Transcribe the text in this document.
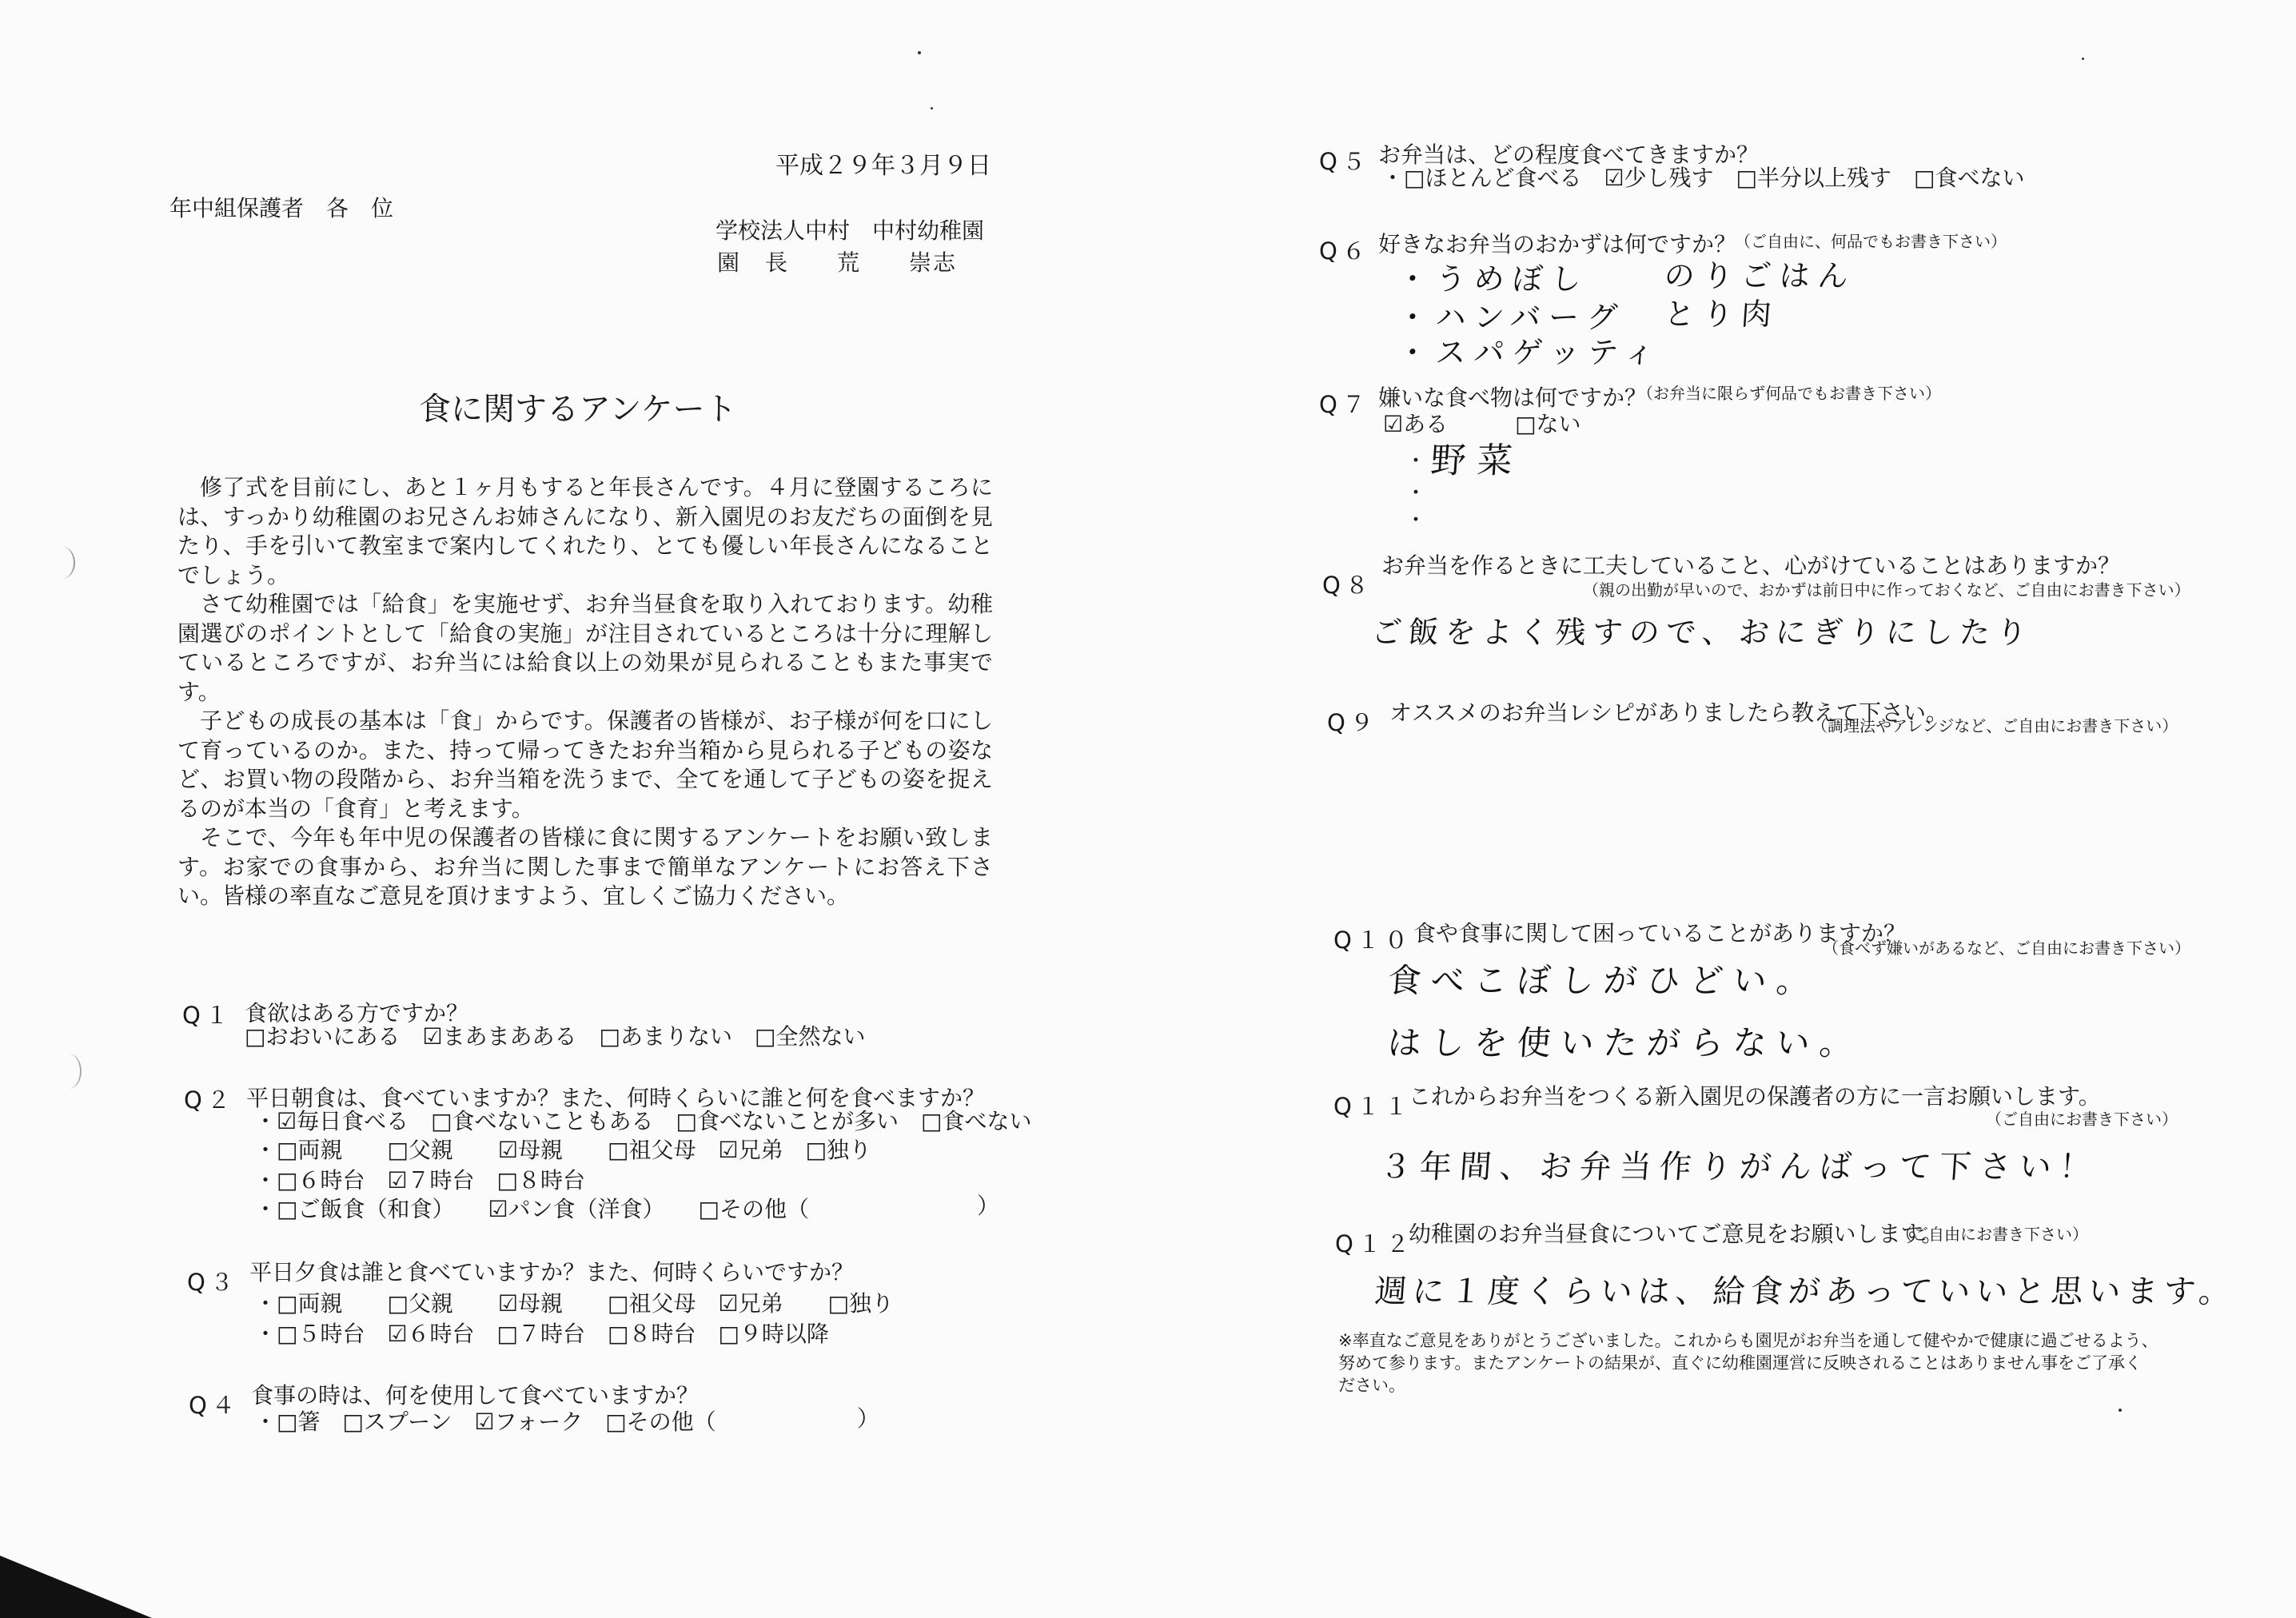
平成２９年３月９日
年中組保護者　各　位
学校法人中村　中村幼稚園
園　長　　荒　　崇志
食に関するアンケート

修了式を目前にし、あと１ヶ月もすると年長さんです。４月に登園するころには、すっかり幼稚園のお兄さんお姉さんになり、新入園児のお友だちの面倒を見たり、手を引いて教室まで案内してくれたり、とても優しい年長さんになることでしょう。

さて幼稚園では「給食」を実施せず、お弁当昼食を取り入れております。幼稚園選びのポイントとして「給食の実施」が注目されているところは十分に理解しているところですが、お弁当には給食以上の効果が見られることもまた事実です。

子どもの成長の基本は「食」からです。保護者の皆様が、お子様が何を口にして育っているのか。また、持って帰ってきたお弁当箱から見られる子どもの姿など、お買い物の段階から、お弁当箱を洗うまで、全てを通して子どもの姿を捉えるのが本当の「食育」と考えます。

そこで、今年も年中児の保護者の皆様に食に関するアンケートをお願い致します。お家での食事から、お弁当に関した事まで簡単なアンケートにお答え下さい。皆様の率直なご意見を頂けますよう、宜しくご協力ください。

Q１ 食欲はある方ですか？
□おおいにある　☑まあまあある　□あまりない　□全然ない
Q２ 平日朝食は、食べていますか？また、何時くらいに誰と何を食べますか？
・☑毎日食べる　□食べないこともある　□食べないことが多い　□食べない
・□両親　　□父親　　☑母親　　□祖父母　☑兄弟　□独り
・□６時台　☑７時台　□８時台
・□ご飯食（和食）　　☑パン食（洋食）　　□その他（	）
Q３ 平日夕食は誰と食べていますか？また、何時くらいですか？
・□両親　　□父親　　☑母親　　□祖父母　☑兄弟　　□独り
・□５時台　☑６時台　□７時台　□８時台　□９時以降
Q４ 食事の時は、何を使用して食べていますか？
・□箸　□スプーン　☑フォーク　□その他（	）
Q５ お弁当は、どの程度食べてきますか？
・□ほとんど食べる　☑少し残す　□半分以上残す　□食べない
Q６ 好きなお弁当のおかずは何ですか？
（ご自由に、何品でもお書き下さい）
・うめぼし
・ハンバーグ
・スパゲッティ
のりごはん
とり肉
Q７ 嫌いな食べ物は何ですか？
（お弁当に限らず何品でもお書き下さい）
☑ある　　　□ない
・ 野菜
・
・
Q８
お弁当を作るときに工夫していること、心がけていることはありますか？
（親の出勤が早いので、おかずは前日中に作っておくなど、ご自由にお書き下さい）
ご飯をよく残すので、おにぎりにしたり
Q９ オススメのお弁当レシピがありましたら教えて下さい。
（調理法やアレンジなど、ご自由にお書き下さい）
Q１０ 食や食事に関して困っていることがありますか？
（食べず嫌いがあるなど、ご自由にお書き下さい）
食べこぼしがひどい。
はしを使いたがらない。
Q１１
これからお弁当をつくる新入園児の保護者の方に一言お願いします。
（ご自由にお書き下さい）
３年間、お弁当作りがんばって下さい！
Q１２
幼稚園のお弁当昼食についてご意見をお願いします。
（ご自由にお書き下さい）
週に１度くらいは、給食があっていいと思います。
※率直なご意見をありがとうございました。これからも園児がお弁当を通して健やかで健康に過ごせるよう、
努めて参ります。またアンケートの結果が、直ぐに幼稚園運営に反映されることはありません事をご了承く
ださい。
